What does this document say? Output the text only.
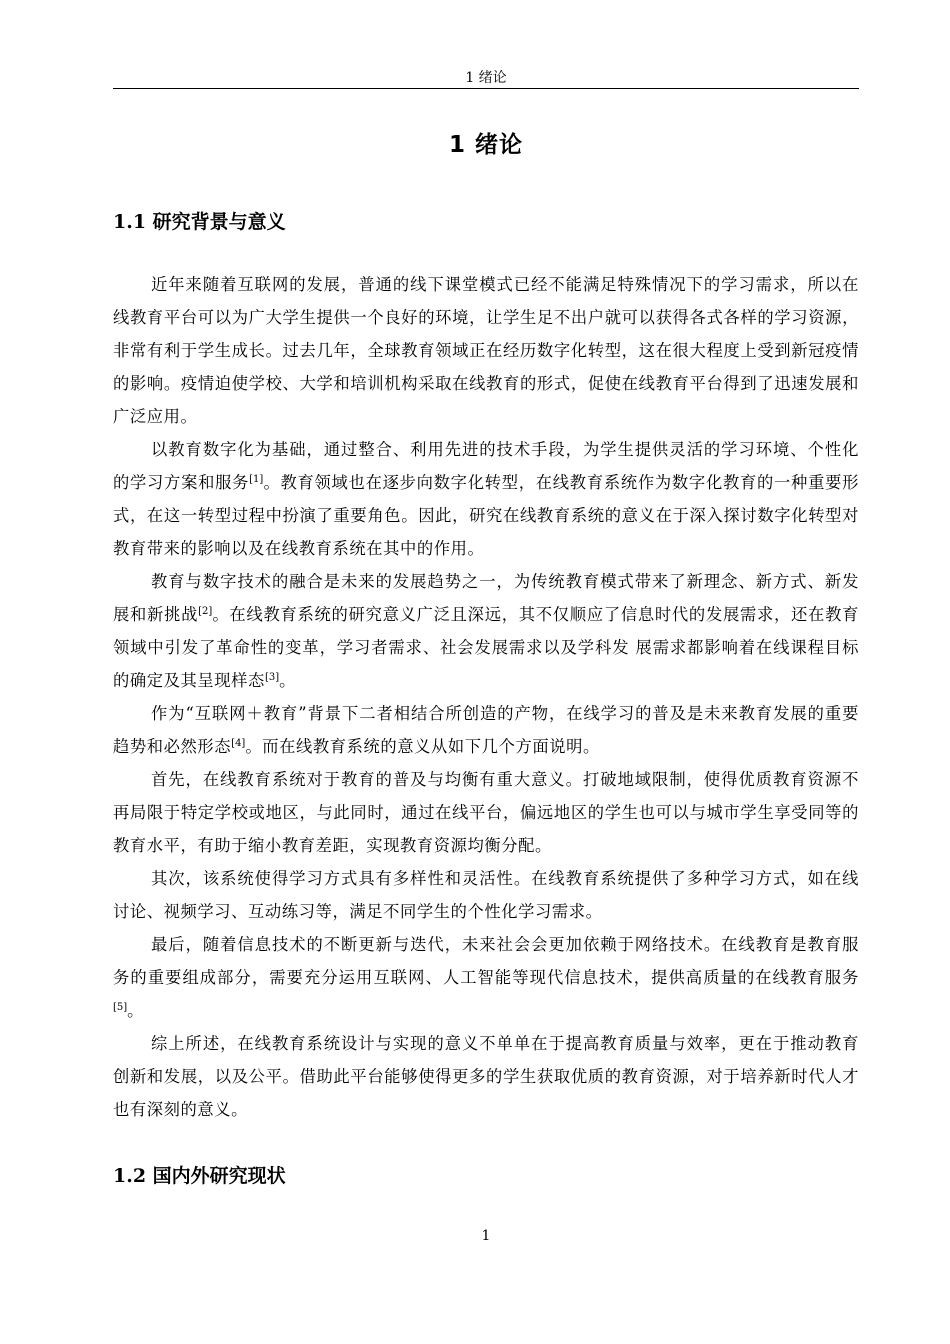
1 绪论
1 绪论
1.1 研究背景与意义

近年来随着互联网的发展，普通的线下课堂模式已经不能满足特殊情况下的学习需求，所以在线教育平台可以为广大学生提供一个良好的环境，让学生足不出户就可以获得各式各样的学习资源，非常有利于学生成长。过去几年，全球教育领域正在经历数字化转型，这在很大程度上受到新冠疫情的影响。疫情迫使学校、大学和培训机构采取在线教育的形式，促使在线教育平台得到了迅速发展和广泛应用。

以教育数字化为基础，通过整合、利用先进的技术手段，为学生提供灵活的学习环境、个性化的学习方案和服务[1]。教育领域也在逐步向数字化转型，在线教育系统作为数字化教育的一种重要形式，在这一转型过程中扮演了重要角色。因此，研究在线教育系统的意义在于深入探讨数字化转型对教育带来的影响以及在线教育系统在其中的作用。

教育与数字技术的融合是未来的发展趋势之一，为传统教育模式带来了新理念、新方式、新发展和新挑战[2]。在线教育系统的研究意义广泛且深远，其不仅顺应了信息时代的发展需求，还在教育领域中引发了革命性的变革，学习者需求、社会发展需求以及学科发 展需求都影响着在线课程目标的确定及其呈现样态[3]。

作为“互联网＋教育”背景下二者相结合所创造的产物，在线学习的普及是未来教育发展的重要趋势和必然形态[4]。而在线教育系统的意义从如下几个方面说明。

首先，在线教育系统对于教育的普及与均衡有重大意义。打破地域限制，使得优质教育资源不再局限于特定学校或地区，与此同时，通过在线平台，偏远地区的学生也可以与城市学生享受同等的教育水平，有助于缩小教育差距，实现教育资源均衡分配。

其次，该系统使得学习方式具有多样性和灵活性。在线教育系统提供了多种学习方式，如在线讨论、视频学习、互动练习等，满足不同学生的个性化学习需求。

最后，随着信息技术的不断更新与迭代，未来社会会更加依赖于网络技术。在线教育是教育服务的重要组成部分，需要充分运用互联网、人工智能等现代信息技术，提供高质量的在线教育服务[5]。

综上所述，在线教育系统设计与实现的意义不单单在于提高教育质量与效率，更在于推动教育创新和发展，以及公平。借助此平台能够使得更多的学生获取优质的教育资源，对于培养新时代人才也有深刻的意义。

1.2 国内外研究现状
1
